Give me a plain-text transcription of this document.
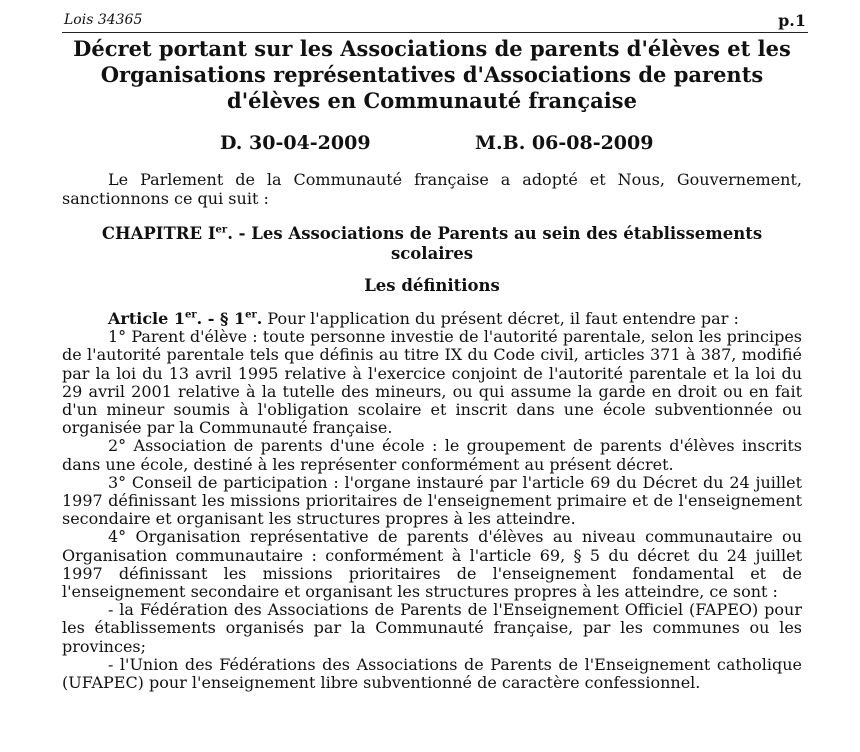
Lois 34365	p.1
Décret portant sur les Associations de parents d'élèves et les Organisations représentatives d'Associations de parents d'élèves en Communauté française
D. 30-04-2009	M.B. 06-08-2009

Le Parlement de la Communauté française a adopté et Nous, Gouvernement, sanctionnons ce qui suit :

CHAPITRE Ier. - Les Associations de Parents au sein des établissements scolaires
Les définitions

Article 1er. - § 1er. Pour l'application du présent décret, il faut entendre par :

1° Parent d'élève : toute personne investie de l'autorité parentale, selon les principes de l'autorité parentale tels que définis au titre IX du Code civil, articles 371 à 387, modifié par la loi du 13 avril 1995 relative à l'exercice conjoint de l'autorité parentale et la loi du 29 avril 2001 relative à la tutelle des mineurs, ou qui assume la garde en droit ou en fait d'un mineur soumis à l'obligation scolaire et inscrit dans une école subventionnée ou organisée par la Communauté française.

2° Association de parents d'une école : le groupement de parents d'élèves inscrits dans une école, destiné à les représenter conformément au présent décret.

3° Conseil de participation : l'organe instauré par l'article 69 du Décret du 24 juillet 1997 définissant les missions prioritaires de l'enseignement primaire et de l'enseignement secondaire et organisant les structures propres à les atteindre.

4° Organisation représentative de parents d'élèves au niveau communautaire ou Organisation communautaire : conformément à l'article 69, § 5 du décret du 24 juillet 1997 définissant les missions prioritaires de l'enseignement fondamental et de l'enseignement secondaire et organisant les structures propres à les atteindre, ce sont :

- la Fédération des Associations de Parents de l'Enseignement Officiel (FAPEO) pour les établissements organisés par la Communauté française, par les communes ou les provinces;

- l'Union des Fédérations des Associations de Parents de l'Enseignement catholique (UFAPEC) pour l'enseignement libre subventionné de caractère confessionnel.
